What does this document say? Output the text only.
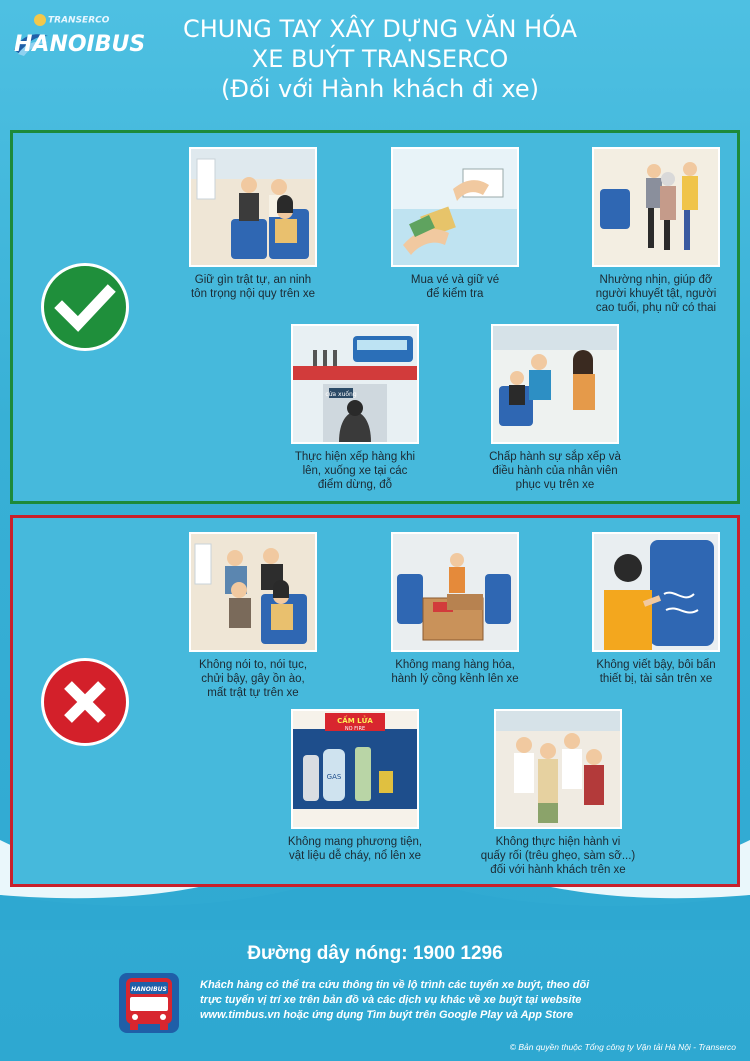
TRANSERCO
HANOIBUS
CHUNG TAY XÂY DỰNG VĂN HÓA
XE BUÝT TRANSERCO
(Đối với Hành khách đi xe)
Giữ gìn trật tự, an ninh
tôn trọng nội quy trên xe
Mua vé và giữ vé
để kiểm tra
Nhường nhịn, giúp đỡ
người khuyết tật, người
cao tuổi, phụ nữ có thai
cửa xuống
Thực hiện xếp hàng khi
lên, xuống xe tại các
điểm dừng, đỗ
Chấp hành sự sắp xếp và
điều hành của nhân viên
phục vụ trên xe
Không nói to, nói tục,
chửi bậy, gây ồn ào,
mất trật tự trên xe
Không mang hàng hóa,
hành lý cồng kềnh lên xe
Không viết bậy, bôi bẩn
thiết bị, tài sản trên xe
CẤM LỬA
NO FIRE
GAS
Không mang phương tiện,
vật liệu dễ cháy, nổ lên xe
Không thực hiện hành vi
quấy rối (trêu ghẹo, sàm sỡ...)
đối với hành khách trên xe
Đường dây nóng: 1900 1296
HANOIBUS	Khách hàng có thể tra cứu thông tin về lộ trình các tuyến xe buýt, theo dõi
trực tuyến vị trí xe trên bản đồ và các dịch vụ khác về xe buýt tại website
www.timbus.vn hoặc ứng dụng Tìm buýt trên Google Play và App Store
© Bản quyền thuộc Tổng công ty Vận tải Hà Nội - Transerco
